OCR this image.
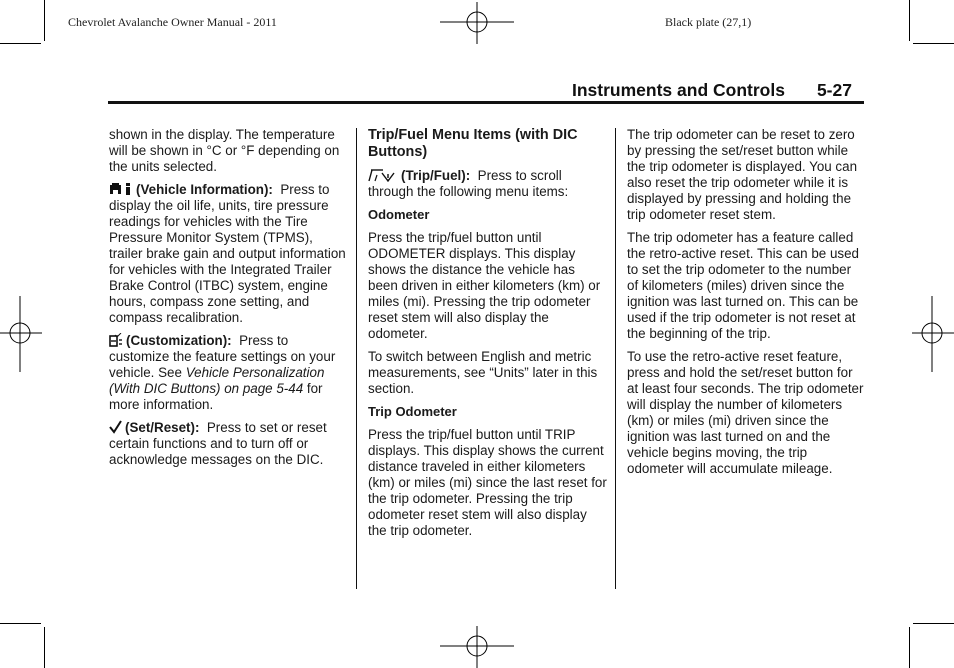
Chevrolet Avalanche Owner Manual - 2011	Black plate (27,1)
Instruments and Controls 5-27

shown in the display. The temperature will be shown in °C or °F depending on the units selected.

(Vehicle Information): Press to display the oil life, units, tire pressure readings for vehicles with the Tire Pressure Monitor System (TPMS), trailer brake gain and output information for vehicles with the Integrated Trailer Brake Control (ITBC) system, engine hours, compass zone setting, and compass recalibration.

(Customization): Press to customize the feature settings on your vehicle. See Vehicle Personalization (With DIC Buttons) on page 5-44 for more information.

(Set/Reset): Press to set or reset certain functions and to turn off or acknowledge messages on the DIC.

Trip/Fuel Menu Items (with DIC Buttons)

(Trip/Fuel): Press to scroll through the following menu items:

Odometer

Press the trip/fuel button until ODOMETER displays. This display shows the distance the vehicle has been driven in either kilometers (km) or miles (mi). Pressing the trip odometer reset stem will also display the odometer.

To switch between English and metric measurements, see “Units” later in this section.

Trip Odometer

Press the trip/fuel button until TRIP displays. This display shows the current distance traveled in either kilometers (km) or miles (mi) since the last reset for the trip odometer. Pressing the trip odometer reset stem will also display the trip odometer.

The trip odometer can be reset to zero by pressing the set/reset button while the trip odometer is displayed. You can also reset the trip odometer while it is displayed by pressing and holding the trip odometer reset stem.

The trip odometer has a feature called the retro-active reset. This can be used to set the trip odometer to the number of kilometers (miles) driven since the ignition was last turned on. This can be used if the trip odometer is not reset at the beginning of the trip.

To use the retro-active reset feature, press and hold the set/reset button for at least four seconds. The trip odometer will display the number of kilometers (km) or miles (mi) driven since the ignition was last turned on and the vehicle begins moving, the trip odometer will accumulate mileage.
